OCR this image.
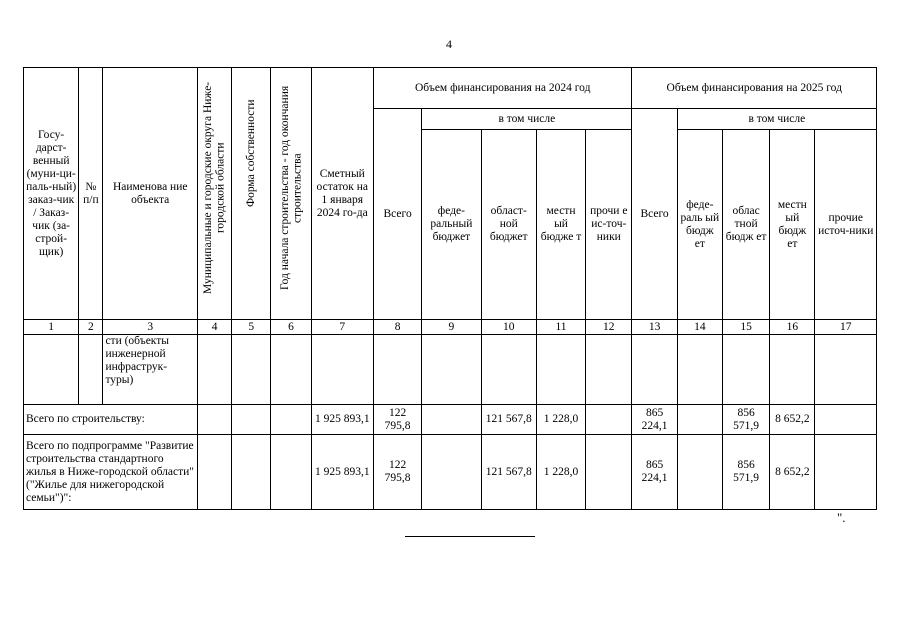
4
Госу-дарст-венный (муни-ци-паль-ный) заказ-чик / Заказ-чик (за-строй-щик)	№ п/п	Наименова ние объекта	Муниципальные и городские округа Ниже-городской области	Форма собственности	Год начала строительства - год окончания строительства	Сметный остаток на 1 января 2024 го-да	Объем финансирования на 2024 год					Объем финансирования на 2025 год				
							Всего	в том числе				Всего	в том числе			
								феде-ральный бюджет	област-ной бюджет	местн ый бюдже т	прочи е ис-точ-ники		феде-раль ый бюдж ет	облас тной бюдж ет	местн ый бюдж ет	прочие источ-ники
1	2	3	4	5	6	7	8	9	10	11	12	13	14	15	16	17
		сти (объекты инженерной инфраструк-туры)														
Всего по строительству:						1 925 893,1	122 795,8		121 567,8	1 228,0		865 224,1		856 571,9	8 652,2	
Всего по подпрограмме "Развитие строительства стандартного жилья в Ниже-городской области" ("Жилье для нижегородской семьи")":						1 925 893,1	122 795,8		121 567,8	1 228,0		865 224,1		856 571,9	8 652,2	
".
